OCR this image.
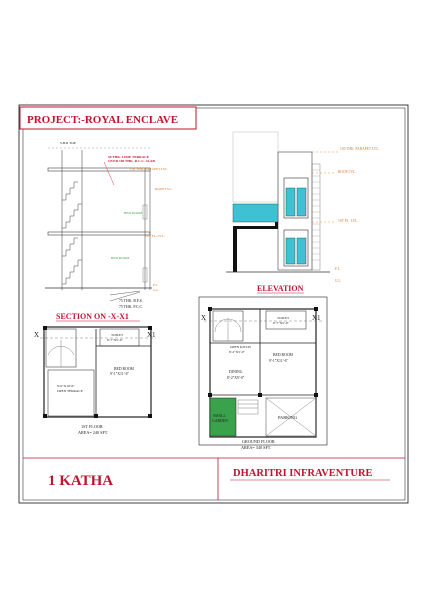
PROJECT:-ROYAL ENCLAVE
S.B.R TOP
50 THK. LIME TERRACE
OVER 100 THK. R.C.C. SLAB
150 THK. PARAPET LVL
ROOF LVL.
BED ROOM
1ST FL. LVL.
BED ROOM
F.L
G.L
75 THK. B.F.S.
75 THK. P.C.C.
SECTION ON -X-X1
150 THK. PARAPET LVL.
ROOF LVL.
1ST FL. LVL.
F.L
G.L
ELEVATION
X	X1
TOILET
9'-7"X5'-0"
BED ROOM
9'-1"X11'-6"
9'-0"X10'-6"
OPEN TERRACE
1ST FLOOR
AREA= 240 SFT.
X	X1
TOILET
9'-7"X5'-0"
OPEN KITCH
8'-2"X5'-0"
BED ROOM
9'-1"X11'-6"
DINING
8'-2"X9'-0"
SMALL
GARDEN
PARKING
GROUND FLOOR
AREA= 340 SFT.
1 KATHA	DHARITRI INFRAVENTURE
